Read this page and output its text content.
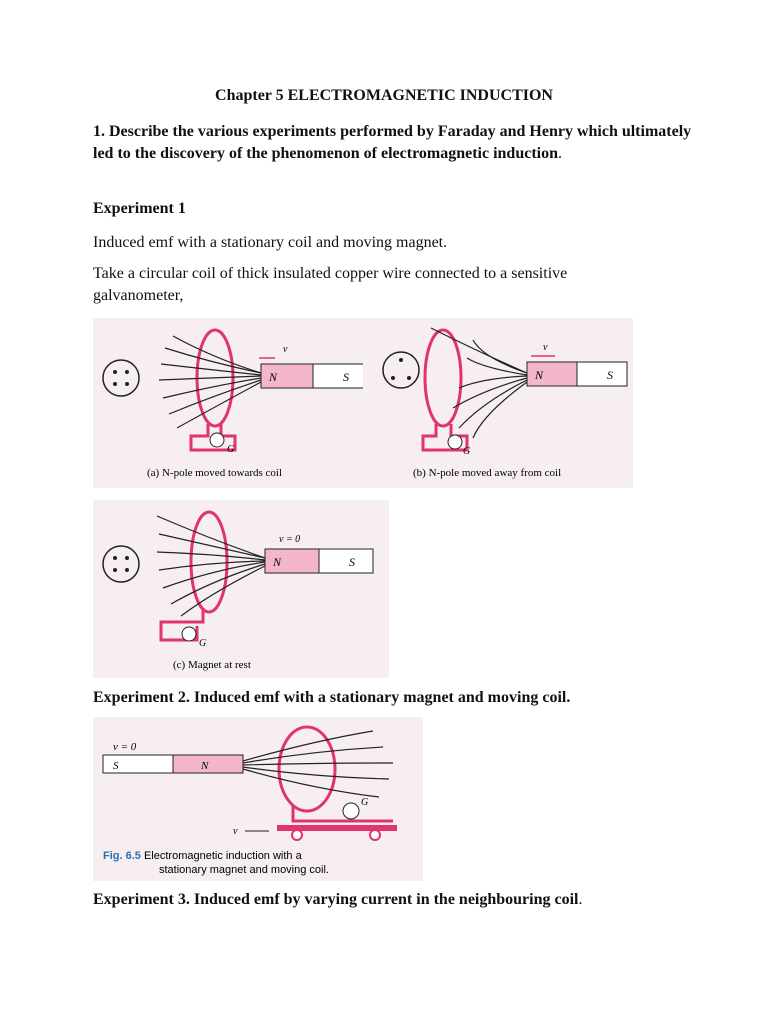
Chapter 5 ELECTROMAGNETIC INDUCTION

1. Describe the various experiments performed by Faraday and Henry which ultimately led to the discovery of the phenomenon of electromagnetic induction.

Experiment 1

Induced emf with a stationary coil and moving magnet.

Take a circular coil of thick insulated copper wire connected to a sensitive galvanometer,

N	S
v
G
(a) N-pole moved towards coil
N	S
v
G
(b) N-pole moved away from coil
N	S
v = 0
G
(c) Magnet at rest

Experiment 2. Induced emf with a stationary magnet and moving coil.

v = 0
S	N
G
v
Fig. 6.5 Electromagnetic induction with a
stationary magnet and moving coil.

Experiment 3. Induced emf by varying current in the neighbouring coil.
